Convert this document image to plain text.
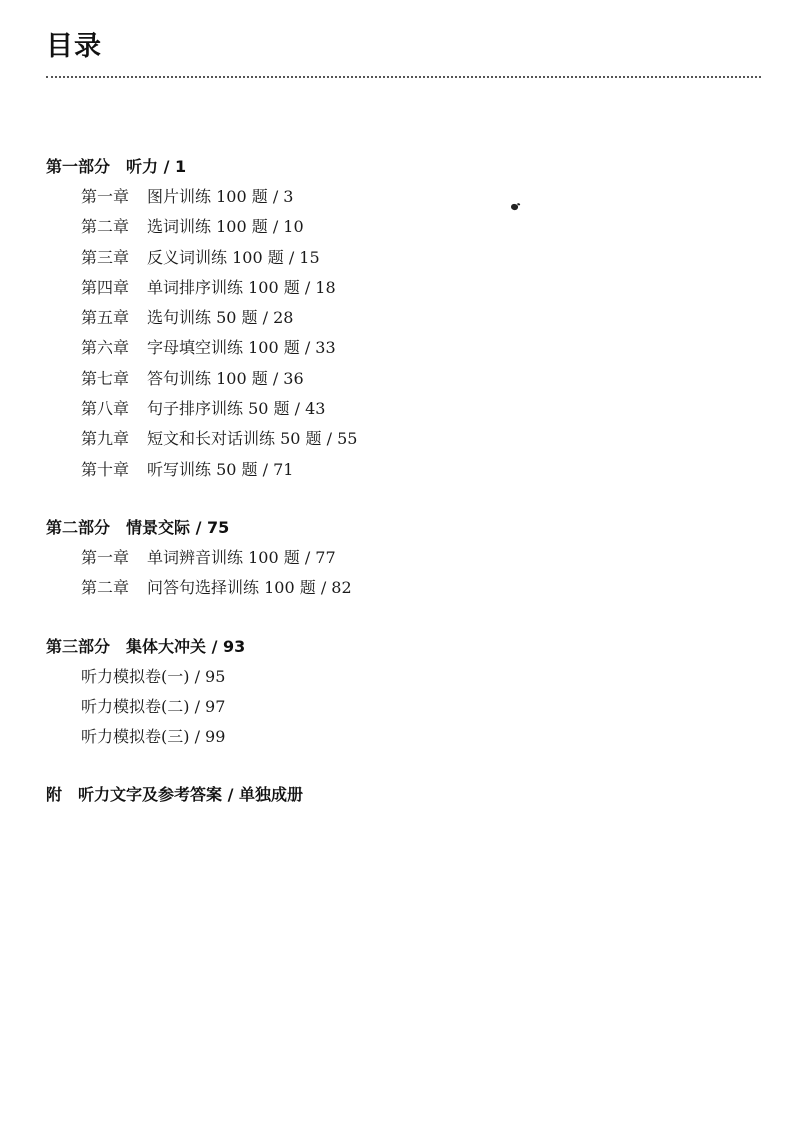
目录
第一部分 听力 / 1
第一章 图片训练 100 题 / 3
第二章 选词训练 100 题 / 10
第三章 反义词训练 100 题 / 15
第四章 单词排序训练 100 题 / 18
第五章 选句训练 50 题 / 28
第六章 字母填空训练 100 题 / 33
第七章 答句训练 100 题 / 36
第八章 句子排序训练 50 题 / 43
第九章 短文和长对话训练 50 题 / 55
第十章 听写训练 50 题 / 71
第二部分 情景交际 / 75
第一章 单词辨音训练 100 题 / 77
第二章 问答句选择训练 100 题 / 82
第三部分 集体大冲关 / 93
听力模拟卷(一) / 95
听力模拟卷(二) / 97
听力模拟卷(三) / 99
附 听力文字及参考答案 / 单独成册
